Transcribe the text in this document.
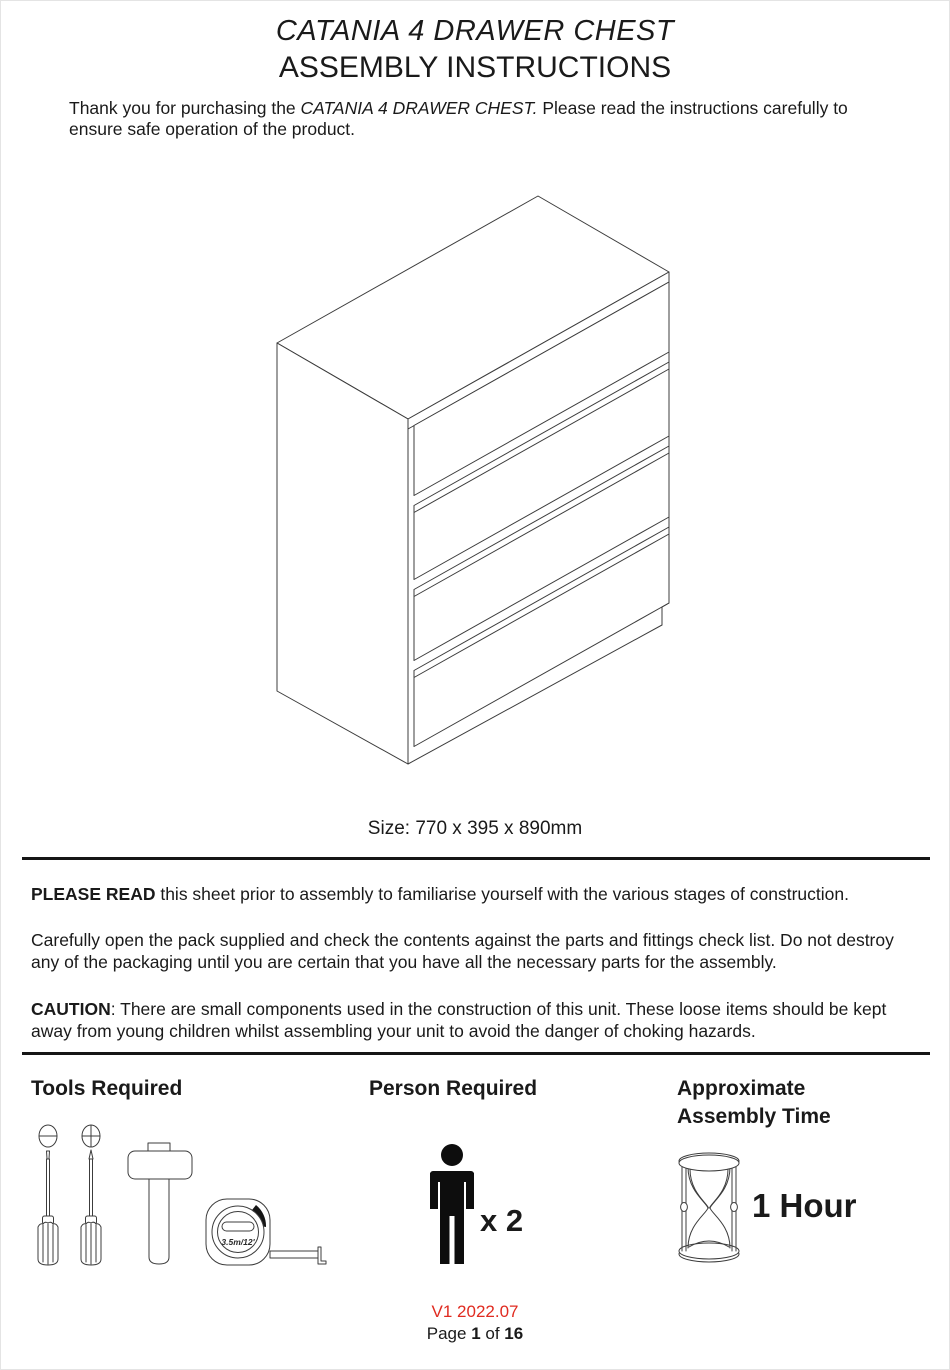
CATANIA 4 DRAWER CHEST
ASSEMBLY INSTRUCTIONS
Thank you for purchasing the CATANIA 4 DRAWER CHEST. Please read the instructions carefully to ensure safe operation of the product.
Size: 770 x 395 x 890mm
PLEASE READ this sheet prior to assembly to familiarise yourself with the various stages of construction.
Carefully open the pack supplied and check the contents against the parts and fittings check list. Do not destroy any of the packaging until you are certain that you have all the necessary parts for the assembly.
CAUTION: There are small components used in the construction of this unit. These loose items should be kept away from young children whilst assembling your unit to avoid the danger of choking hazards.
Tools Required	Person Required	Approximate
Assembly Time
3.5m/12'
x 2	1 Hour
V1 2022.07
Page 1 of 16
